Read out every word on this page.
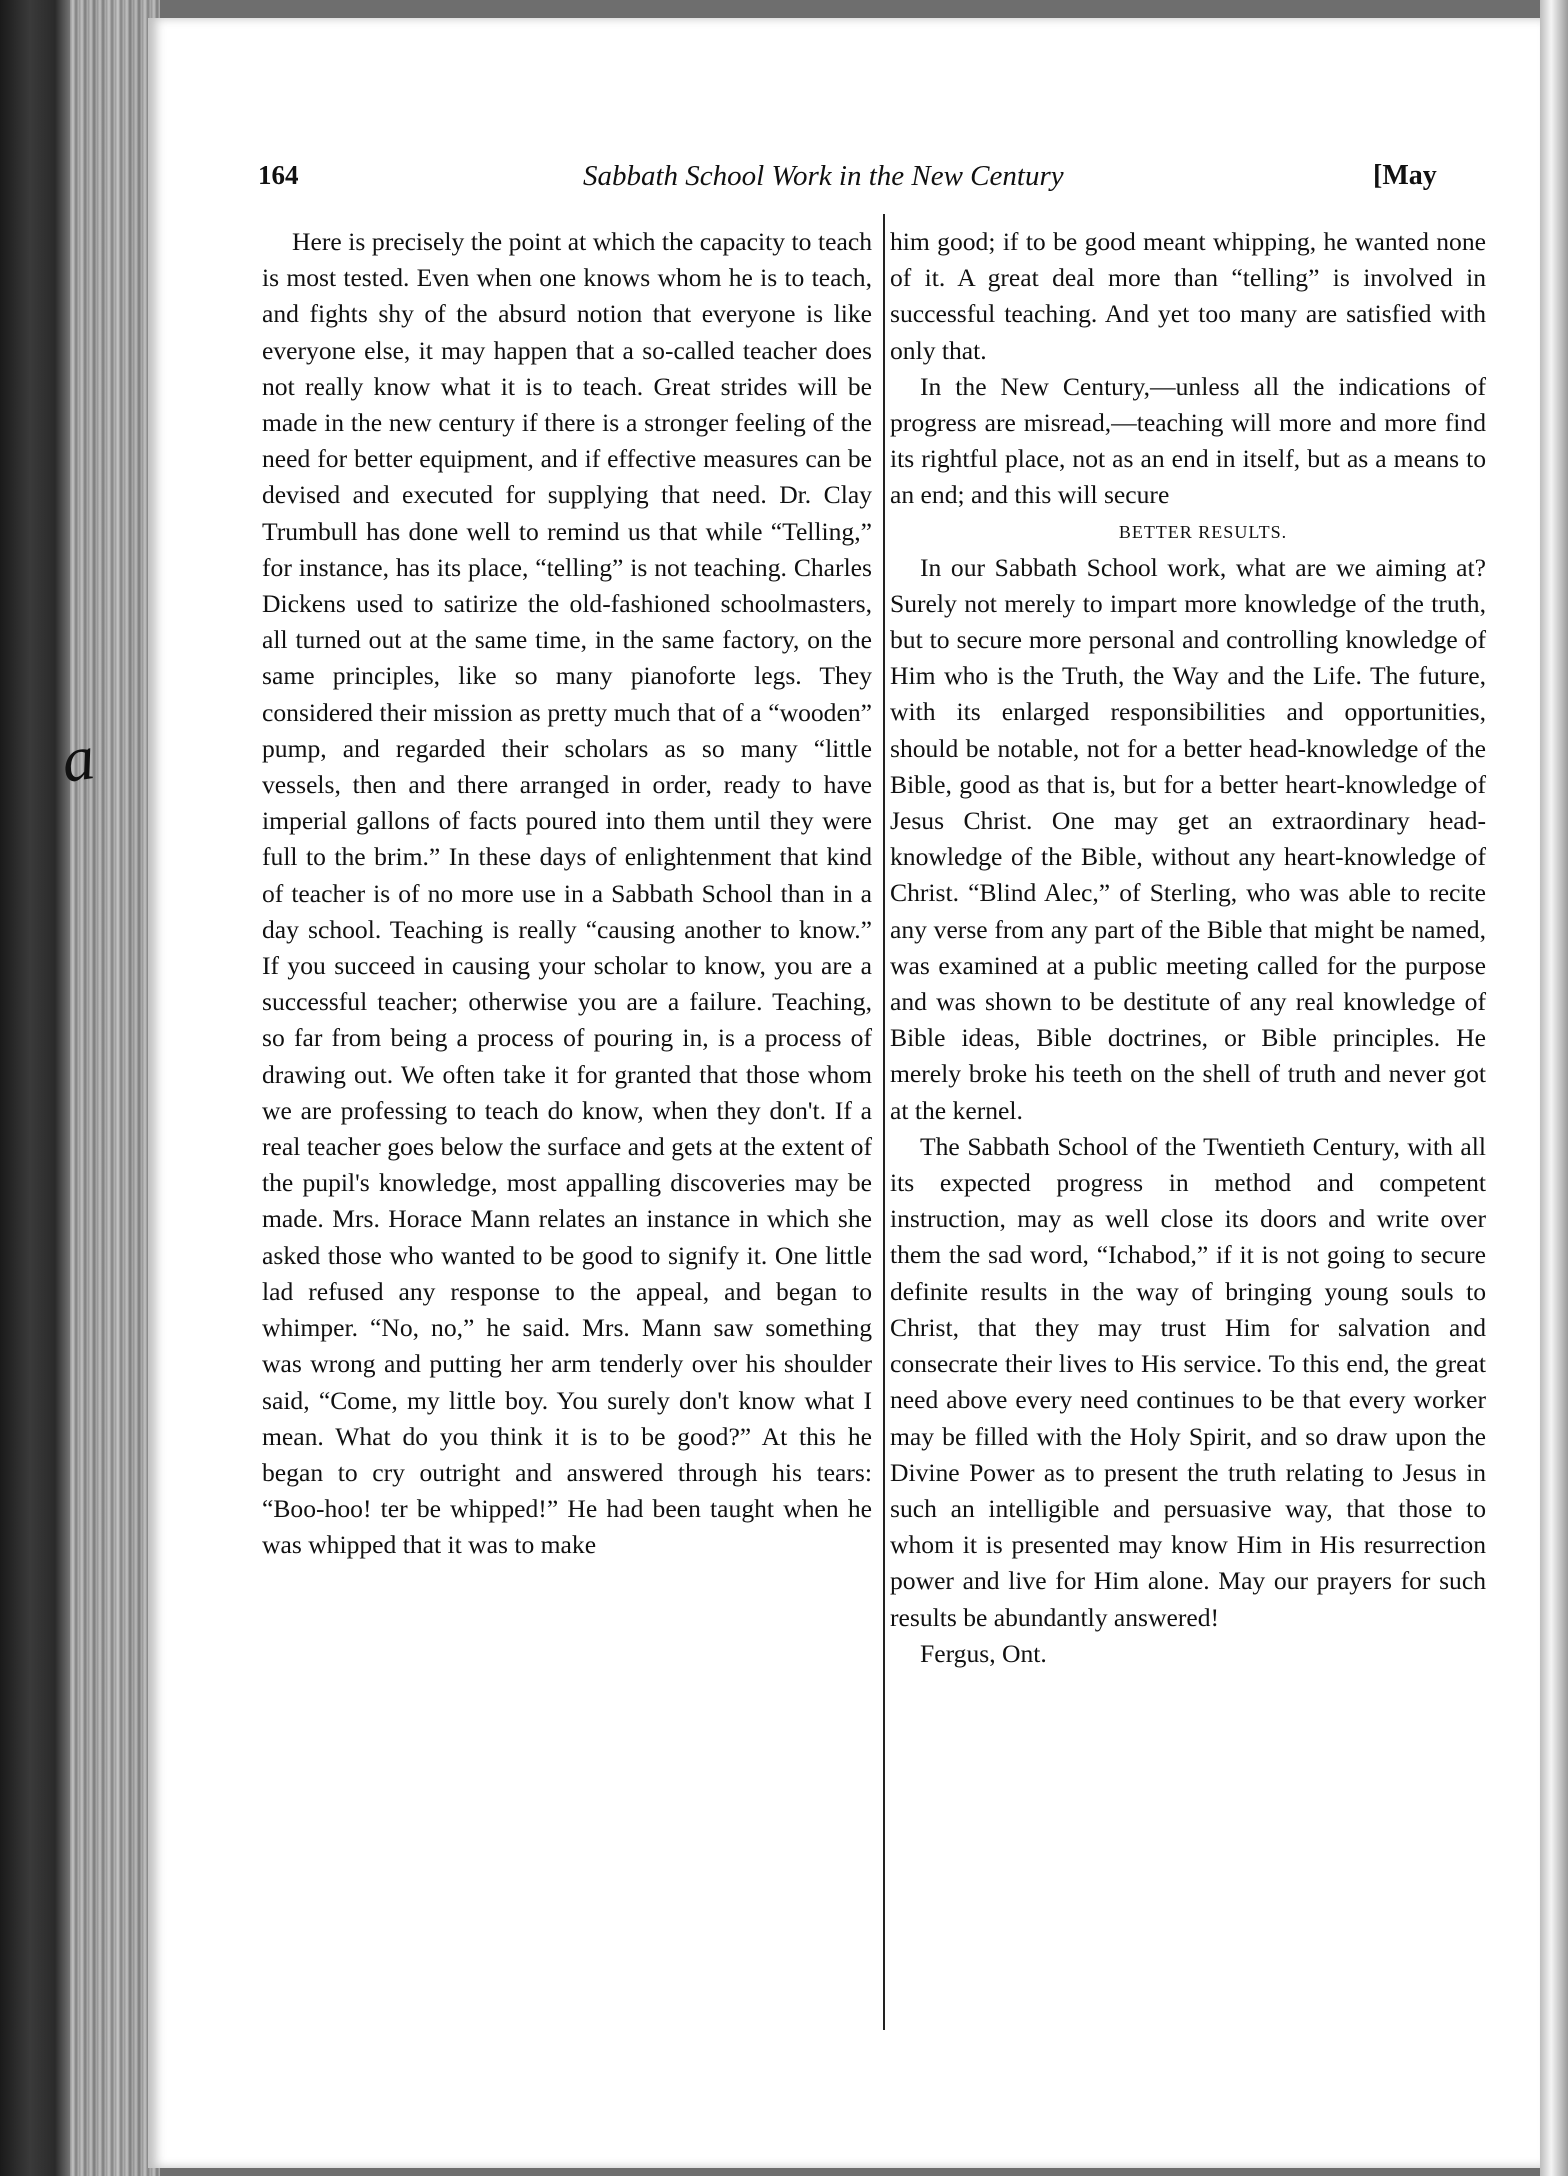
a
164	Sabbath School Work in the New Century	[May

Here is precisely the point at which the capacity to teach is most tested. Even when one knows whom he is to teach, and fights shy of the absurd notion that everyone is like everyone else, it may happen that a so-called teacher does not really know what it is to teach. Great strides will be made in the new century if there is a stronger feeling of the need for better equipment, and if effective measures can be devised and executed for supplying that need. Dr. Clay Trumbull has done well to remind us that while “Telling,” for instance, has its place, “telling” is not teaching. Charles Dickens used to satirize the old-fashioned schoolmasters, all turned out at the same time, in the same factory, on the same principles, like so many pianoforte legs. They considered their mission as pretty much that of a “wooden” pump, and regarded their scholars as so many “little vessels, then and there arranged in order, ready to have imperial gallons of facts poured into them until they were full to the brim.” In these days of enlightenment that kind of teacher is of no more use in a Sabbath School than in a day school. Teaching is really “causing another to know.” If you succeed in causing your scholar to know, you are a successful teacher; otherwise you are a failure. Teaching, so far from being a process of pouring in, is a process of drawing out. We often take it for granted that those whom we are professing to teach do know, when they don't. If a real teacher goes below the surface and gets at the extent of the pupil's knowledge, most appalling discoveries may be made. Mrs. Horace Mann relates an instance in which she asked those who wanted to be good to signify it. One little lad refused any response to the appeal, and began to whimper. “No, no,” he said. Mrs. Mann saw something was wrong and putting her arm tenderly over his shoulder said, “Come, my little boy. You surely don't know what I mean. What do you think it is to be good?” At this he began to cry outright and answered through his tears: “Boo-hoo! ter be whipped!” He had been taught when he was whipped that it was to make

him good; if to be good meant whipping, he wanted none of it. A great deal more than “telling” is involved in successful teaching. And yet too many are satisfied with only that.

In the New Century,—unless all the indications of progress are misread,—teaching will more and more find its rightful place, not as an end in itself, but as a means to an end; and this will secure

BETTER RESULTS.

In our Sabbath School work, what are we aiming at? Surely not merely to impart more knowledge of the truth, but to secure more personal and controlling knowledge of Him who is the Truth, the Way and the Life. The future, with its enlarged responsibilities and opportunities, should be notable, not for a better head-knowledge of the Bible, good as that is, but for a better heart-knowledge of Jesus Christ. One may get an extraordinary head-knowledge of the Bible, without any heart-knowledge of Christ. “Blind Alec,” of Sterling, who was able to recite any verse from any part of the Bible that might be named, was examined at a public meeting called for the purpose and was shown to be destitute of any real knowledge of Bible ideas, Bible doctrines, or Bible principles. He merely broke his teeth on the shell of truth and never got at the kernel.

The Sabbath School of the Twentieth Century, with all its expected progress in method and competent instruction, may as well close its doors and write over them the sad word, “Ichabod,” if it is not going to secure definite results in the way of bringing young souls to Christ, that they may trust Him for salvation and consecrate their lives to His service. To this end, the great need above every need continues to be that every worker may be filled with the Holy Spirit, and so draw upon the Divine Power as to present the truth relating to Jesus in such an intelligible and persuasive way, that those to whom it is presented may know Him in His resurrection power and live for Him alone. May our prayers for such results be abundantly answered!

Fergus, Ont.
